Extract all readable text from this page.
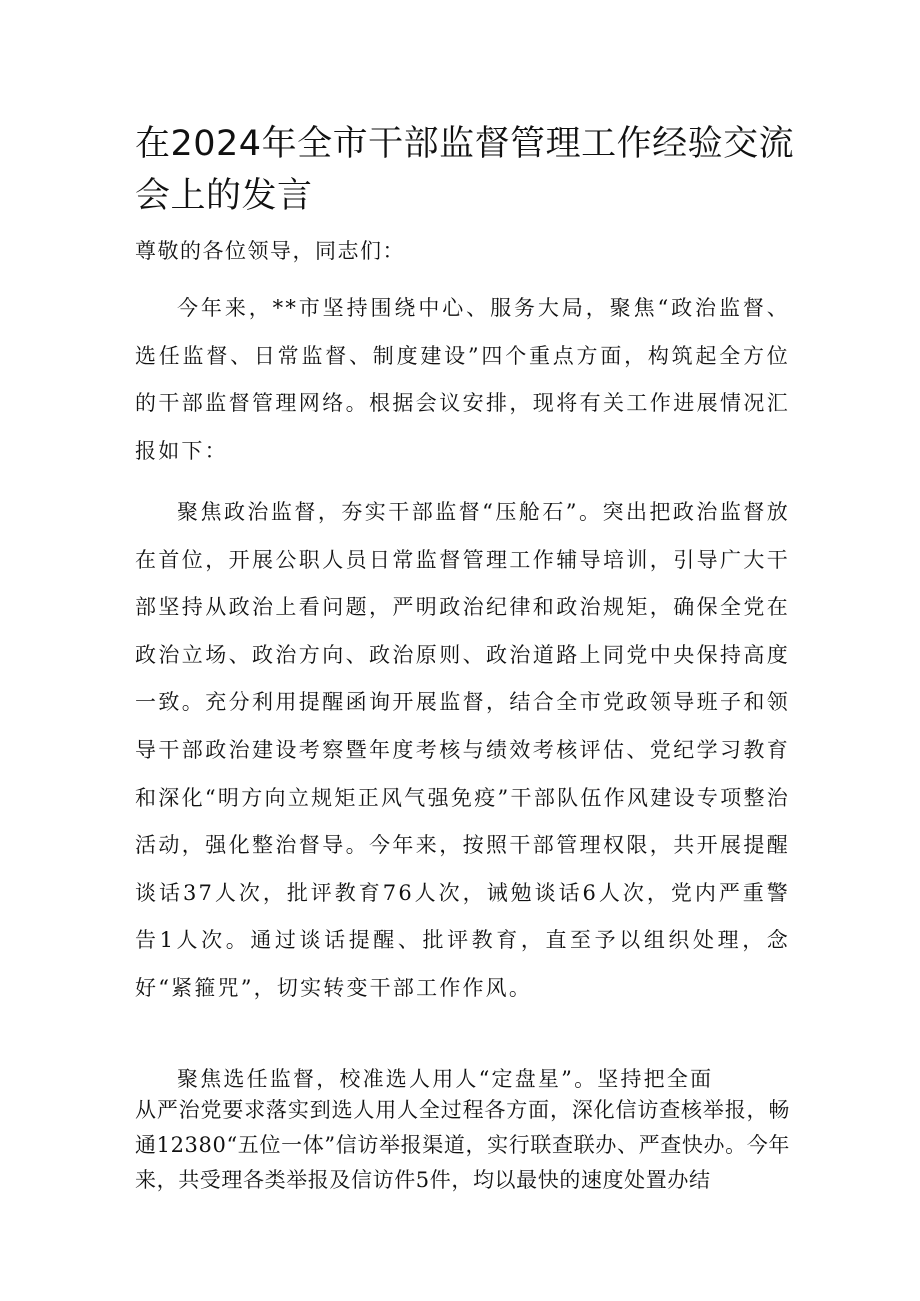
在2024年全市干部监督管理工作经验交流会上的发言

尊敬的各位领导，同志们：

今年来，**市坚持围绕中心、服务大局，聚焦“政治监督、选任监督、日常监督、制度建设”四个重点方面，构筑起全方位的干部监督管理网络。根据会议安排，现将有关工作进展情况汇报如下：

聚焦政治监督，夯实干部监督“压舱石”。突出把政治监督放在首位，开展公职人员日常监督管理工作辅导培训，引导广大干部坚持从政治上看问题，严明政治纪律和政治规矩，确保全党在政治立场、政治方向、政治原则、政治道路上同党中央保持高度一致。充分利用提醒函询开展监督，结合全市党政领导班子和领导干部政治建设考察暨年度考核与绩效考核评估、党纪学习教育和深化“明方向立规矩正风气强免疫”干部队伍作风建设专项整治活动，强化整治督导。今年来，按照干部管理权限，共开展提醒谈话37人次，批评教育76人次，诫勉谈话6人次，党内严重警告1人次。通过谈话提醒、批评教育，直至予以组织处理，念好“紧箍咒”，切实转变干部工作作风。

聚焦选任监督，校准选人用人“定盘星”。坚持把全面

从严治党要求落实到选人用人全过程各方面，深化信访查核举报，畅通12380“五位一体”信访举报渠道，实行联查联办、严查快办。今年来，共受理各类举报及信访件5件，均以最快的速度处置办结
